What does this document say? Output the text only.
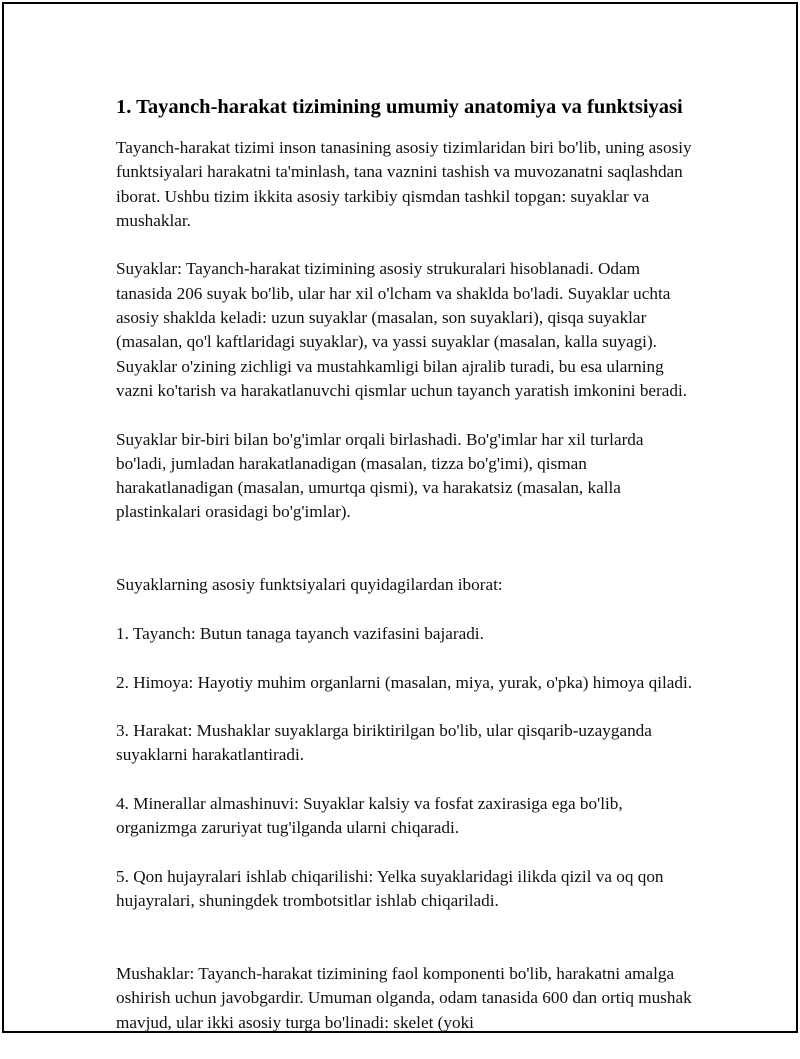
1. Tayanch-harakat tizimining umumiy anatomiya va funktsiyasi
Tayanch-harakat tizimi inson tanasining asosiy tizimlaridan biri bo'lib, uning asosiy funktsiyalari harakatni ta'minlash, tana vaznini tashish va muvozanatni saqlashdan iborat. Ushbu tizim ikkita asosiy tarkibiy qismdan tashkil topgan: suyaklar va mushaklar.
Suyaklar: Tayanch-harakat tizimining asosiy strukuralari hisoblanadi. Odam tanasida 206 suyak bo'lib, ular har xil o'lcham va shaklda bo'ladi. Suyaklar uchta asosiy shaklda keladi: uzun suyaklar (masalan, son suyaklari), qisqa suyaklar (masalan, qo'l kaftlaridagi suyaklar), va yassi suyaklar (masalan, kalla suyagi). Suyaklar o'zining zichligi va mustahkamligi bilan ajralib turadi, bu esa ularning vazni ko'tarish va harakatlanuvchi qismlar uchun tayanch yaratish imkonini beradi.
Suyaklar bir-biri bilan bo'g'imlar orqali birlashadi. Bo'g'imlar har xil turlarda bo'ladi, jumladan harakatlanadigan (masalan, tizza bo'g'imi), qisman harakatlanadigan (masalan, umurtqa qismi), va harakatsiz (masalan, kalla plastinkalari orasidagi bo'g'imlar).

Suyaklarning asosiy funktsiyalari quyidagilardan iborat:

1. Tayanch: Butun tanaga tayanch vazifasini bajaradi.

2. Himoya: Hayotiy muhim organlarni (masalan, miya, yurak, o'pka) himoya qiladi.

3. Harakat: Mushaklar suyaklarga biriktirilgan bo'lib, ular qisqarib-uzayganda suyaklarni harakatlantiradi.

4. Minerallar almashinuvi: Suyaklar kalsiy va fosfat zaxirasiga ega bo'lib, organizmga zaruriyat tug'ilganda ularni chiqaradi.

5. Qon hujayralari ishlab chiqarilishi: Yelka suyaklaridagi ilikda qizil va oq qon hujayralari, shuningdek trombotsitlar ishlab chiqariladi.

Mushaklar: Tayanch-harakat tizimining faol komponenti bo'lib, harakatni amalga oshirish uchun javobgardir. Umuman olganda, odam tanasida 600 dan ortiq mushak mavjud, ular ikki asosiy turga bo'linadi: skelet (yoki
